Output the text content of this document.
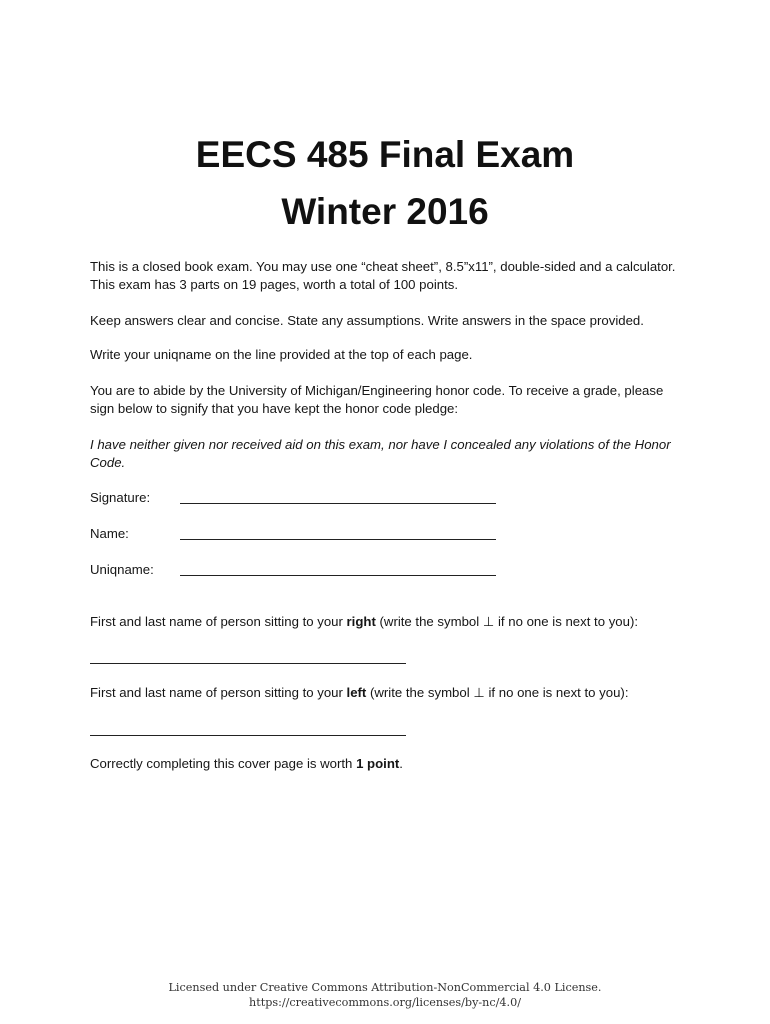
EECS 485 Final Exam
Winter 2016
This is a closed book exam. You may use one “cheat sheet”, 8.5”x11”, double-sided and a calculator. This exam has 3 parts on 19 pages, worth a total of 100 points.
Keep answers clear and concise. State any assumptions. Write answers in the space provided.
Write your uniqname on the line provided at the top of each page.
You are to abide by the University of Michigan/Engineering honor code. To receive a grade, please sign below to signify that you have kept the honor code pledge:
I have neither given nor received aid on this exam, nor have I concealed any violations of the Honor Code.
Signature:
Name:
Uniqname:
First and last name of person sitting to your right (write the symbol ⊥ if no one is next to you):
First and last name of person sitting to your left (write the symbol ⊥ if no one is next to you):
Correctly completing this cover page is worth 1 point.
Licensed under Creative Commons Attribution-NonCommercial 4.0 License.
https://creativecommons.org/licenses/by-nc/4.0/
